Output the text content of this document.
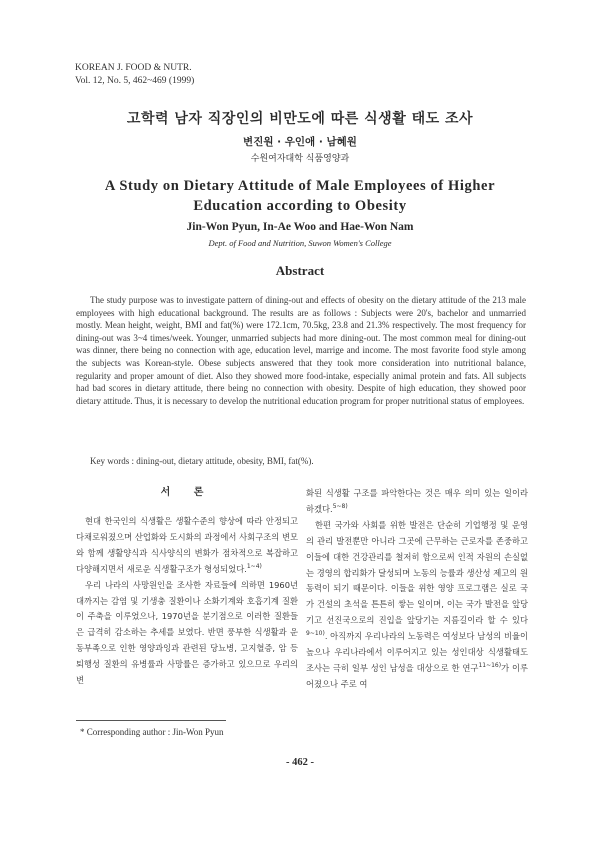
KOREAN J. FOOD & NUTR.
Vol. 12, No. 5, 462~469 (1999)
고학력 남자 직장인의 비만도에 따른 식생활 태도 조사
변진원 · 우인애 · 남혜원
수원여자대학 식품영양과
A Study on Dietary Attitude of Male Employees of Higher Education according to Obesity
Jin-Won Pyun, In-Ae Woo and Hae-Won Nam
Dept. of Food and Nutrition, Suwon Women's College
Abstract

The study purpose was to investigate pattern of dining-out and effects of obesity on the dietary attitude of the 213 male employees with high educational background. The results are as follows : Subjects were 20's, bachelor and unmarried mostly. Mean height, weight, BMI and fat(%) were 172.1cm, 70.5kg, 23.8 and 21.3% respectively. The most frequency for dining-out was 3~4 times/week. Younger, unmarried subjects had more dining-out. The most common meal for dining-out was dinner, there being no connection with age, education level, marrige and income. The most favorite food style among the subjects was Korean-style. Obese subjects answered that they took more consideration into nutritional balance, regularity and proper amount of diet. Also they showed more food-intake, especially animal protein and fats. All subjects had bad scores in dietary attitude, there being no connection with obesity. Despite of high education, they showed poor dietary attitude. Thus, it is necessary to develop the nutritional education program for proper nutritional status of employees.

Key words : dining-out, dietary attitude, obesity, BMI, fat(%).
서 론

현대 한국인의 식생활은 생활수준의 향상에 따라 안정되고 다채로워졌으며 산업화와 도시화의 과정에서 사회구조의 변모와 함께 생활양식과 식사양식의 변화가 점차적으로 복잡하고 다양해지면서 새로운 식생활구조가 형성되었다.$^{1\sim 4)}$

우리 나라의 사망원인을 조사한 자료들에 의하면 1960년대까지는 감염 및 기생충 질환이나 소화기계와 호흡기계 질환이 주축을 이루었으나, 1970년을 분기점으로 이러한 질환들은 급격히 감소하는 추세를 보였다. 반면 풍부한 식생활과 운동부족으로 인한 영양과잉과 관련된 당뇨병, 고지혈증, 암 등 퇴행성 질환의 유병률과 사망률은 증가하고 있으므로 우리의 변

화된 식생활 구조를 파악한다는 것은 매우 의미 있는 일이라 하겠다.$^{5\sim 8)}$

한편 국가와 사회를 위한 발전은 단순히 기업행정 및 운영의 관리 발전뿐만 아니라 그곳에 근무하는 근로자를 존중하고 이들에 대한 건강관리를 철저히 함으로써 인적 자원의 손실없는 경영의 합리화가 달성되며 노동의 능률과 생산성 제고의 원동력이 되기 때문이다. 이들을 위한 영양 프로그램은 실로 국가 건설의 초석을 튼튼히 쌓는 일이며, 이는 국가 발전을 앞당기고 선진국으로의 진입을 앞당기는 지름길이라 할 수 있다$^{9\sim 10)}$. 아직까지 우리나라의 노동력은 여성보다 남성의 비율이 높으나 우리나라에서 이루어지고 있는 성인대상 식생활태도 조사는 극히 일부 성인 남성을 대상으로 한 연구$^{11\sim 16)}$가 이루어졌으나 주로 여

* Corresponding author : Jin-Won Pyun
- 462 -
